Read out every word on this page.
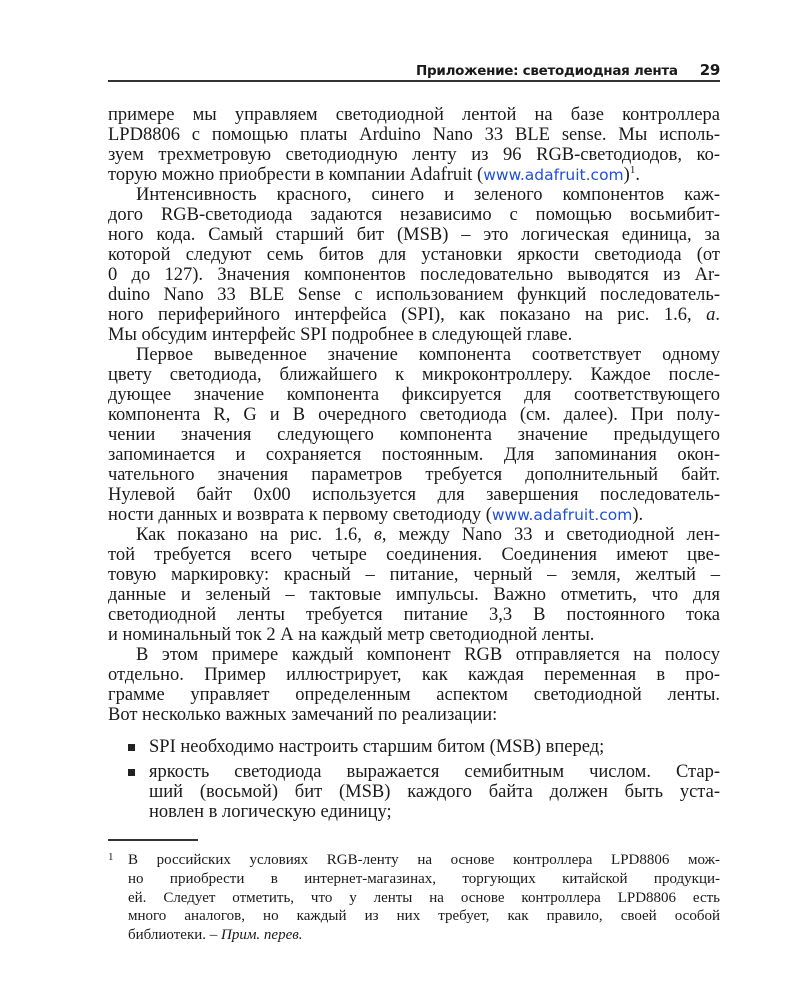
Приложение: светодиодная лента 29
примере мы управляем светодиодной лентой на базе контроллера
LPD8806 с помощью платы Arduino Nano 33 BLE sense. Мы исполь-
зуем трехметровую светодиодную ленту из 96 RGB-светодиодов, ко-
торую можно приобрести в компании Adafruit (www.adafruit.com)$^1$.
Интенсивность красного, синего и зеленого компонентов каж-
дого RGB-светодиода задаются независимо с помощью восьмибит-
ного кода. Самый старший бит (MSB) – это логическая единица, за
которой следуют семь битов для установки яркости светодиода (от
0 до 127). Значения компонентов последовательно выводятся из Ar-
duino Nano 33 BLE Sense с использованием функций последователь-
ного периферийного интерфейса (SPI), как показано на рис. 1.6, а.
Мы обсудим интерфейс SPI подробнее в следующей главе.
Первое выведенное значение компонента соответствует одному
цвету светодиода, ближайшего к микроконтроллеру. Каждое после-
дующее значение компонента фиксируется для соответствующего
компонента R, G и B очередного светодиода (см. далее). При полу-
чении значения следующего компонента значение предыдущего
запоминается и сохраняется постоянным. Для запоминания окон-
чательного значения параметров требуется дополнительный байт.
Нулевой байт 0x00 используется для завершения последователь-
ности данных и возврата к первому светодиоду (www.adafruit.com).
Как показано на рис. 1.6, в, между Nano 33 и светодиодной лен-
той требуется всего четыре соединения. Соединения имеют цве-
товую маркировку: красный – питание, черный – земля, желтый –
данные и зеленый – тактовые импульсы. Важно отметить, что для
светодиодной ленты требуется питание 3,3 В постоянного тока
и номинальный ток 2 А на каждый метр светодиодной ленты.
В этом примере каждый компонент RGB отправляется на полосу
отдельно. Пример иллюстрирует, как каждая переменная в про-
грамме управляет определенным аспектом светодиодной ленты.
Вот несколько важных замечаний по реализации:
SPI необходимо настроить старшим битом (MSB) вперед;
яркость светодиода выражается семибитным числом. Стар-
ший (восьмой) бит (MSB) каждого байта должен быть уста-
новлен в логическую единицу;
1 В российских условиях RGB-ленту на основе контроллера LPD8806 мож-
но приобрести в интернет-магазинах, торгующих китайской продукци-
ей. Следует отметить, что у ленты на основе контроллера LPD8806 есть
много аналогов, но каждый из них требует, как правило, своей особой
библиотеки. – Прим. перев.
